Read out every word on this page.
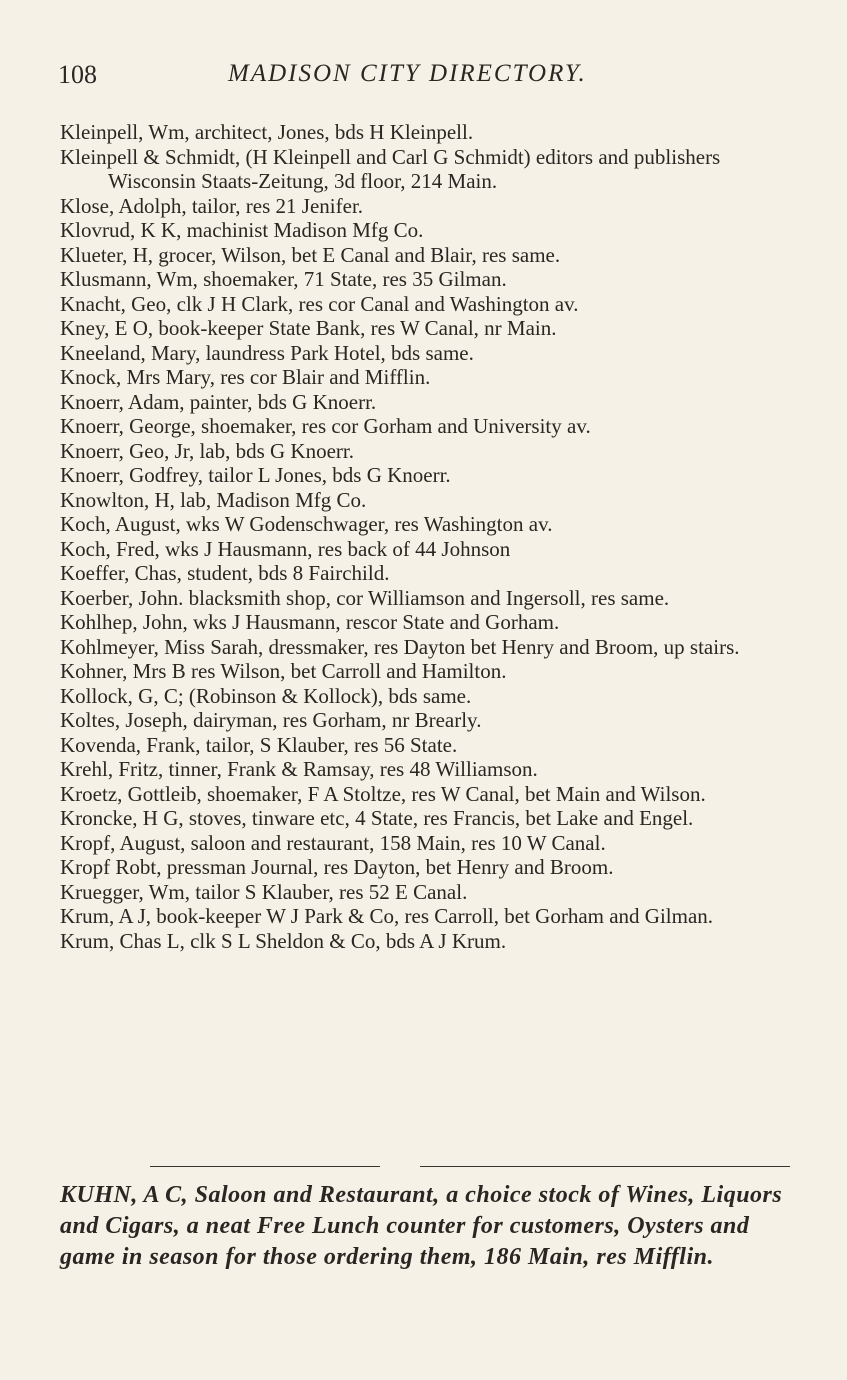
108	MADISON CITY DIRECTORY.
Kleinpell, Wm, architect, Jones, bds H Kleinpell.
Kleinpell & Schmidt, (H Kleinpell and Carl G Schmidt) editors and publishers Wisconsin Staats-Zeitung, 3d floor, 214 Main.
Klose, Adolph, tailor, res 21 Jenifer.
Klovrud, K K, machinist Madison Mfg Co.
Klueter, H, grocer, Wilson, bet E Canal and Blair, res same.
Klusmann, Wm, shoemaker, 71 State, res 35 Gilman.
Knacht, Geo, clk J H Clark, res cor Canal and Washington av.
Kney, E O, book-keeper State Bank, res W Canal, nr Main.
Kneeland, Mary, laundress Park Hotel, bds same.
Knock, Mrs Mary, res cor Blair and Mifflin.
Knoerr, Adam, painter, bds G Knoerr.
Knoerr, George, shoemaker, res cor Gorham and University av.
Knoerr, Geo, Jr, lab, bds G Knoerr.
Knoerr, Godfrey, tailor L Jones, bds G Knoerr.
Knowlton, H, lab, Madison Mfg Co.
Koch, August, wks W Godenschwager, res Washington av.
Koch, Fred, wks J Hausmann, res back of 44 Johnson
Koeffer, Chas, student, bds 8 Fairchild.
Koerber, John. blacksmith shop, cor Williamson and Ingersoll, res same.
Kohlhep, John, wks J Hausmann, rescor State and Gorham.
Kohlmeyer, Miss Sarah, dressmaker, res Dayton bet Henry and Broom, up stairs.
Kohner, Mrs B res Wilson, bet Carroll and Hamilton.
Kollock, G, C; (Robinson & Kollock), bds same.
Koltes, Joseph, dairyman, res Gorham, nr Brearly.
Kovenda, Frank, tailor, S Klauber, res 56 State.
Krehl, Fritz, tinner, Frank & Ramsay, res 48 Williamson.
Kroetz, Gottleib, shoemaker, F A Stoltze, res W Canal, bet Main and Wilson.
Kroncke, H G, stoves, tinware etc, 4 State, res Francis, bet Lake and Engel.
Kropf, August, saloon and restaurant, 158 Main, res 10 W Canal.
Kropf Robt, pressman Journal, res Dayton, bet Henry and Broom.
Kruegger, Wm, tailor S Klauber, res 52 E Canal.
Krum, A J, book-keeper W J Park & Co, res Carroll, bet Gorham and Gilman.
Krum, Chas L, clk S L Sheldon & Co, bds A J Krum.
KUHN, A C, Saloon and Restaurant, a choice stock of Wines, Liquors and Cigars, a neat Free Lunch counter for customers, Oysters and game in season for those ordering them, 186 Main, res Mifflin.
